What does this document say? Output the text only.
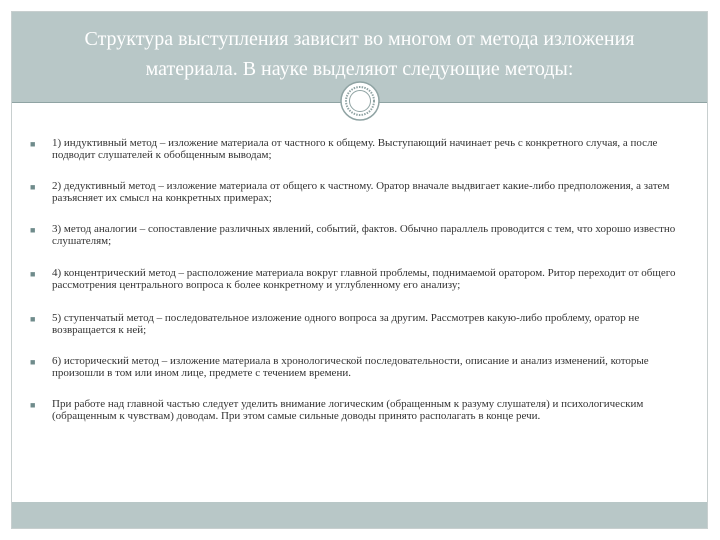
Структура выступления зависит во многом от метода изложения
материала. В науке выделяют следующие методы:
■ 1) индуктивный метод – изложение материала от частного к общему. Выступающий начинает речь с конкретного случая, а после подводит слушателей к обобщенным выводам;
■ 2) дедуктивный метод – изложение материала от общего к частному. Оратор вначале выдвигает какие-либо предположения, а затем разъясняет их смысл на конкретных примерах;
■ 3) метод аналогии – сопоставление различных явлений, событий, фактов. Обычно параллель проводится с тем, что хорошо известно слушателям;
■ 4) концентрический метод – расположение материала вокруг главной проблемы, поднимаемой оратором. Ритор переходит от общего рассмотрения центрального вопроса к более конкретному и углубленному его анализу;
■ 5) ступенчатый метод – последовательное изложение одного вопроса за другим. Рассмотрев какую-либо проблему, оратор не возвращается к ней;
■ 6) исторический метод – изложение материала в хронологической последовательности, описание и анализ изменений, которые произошли в том или ином лице, предмете с течением времени.
■ При работе над главной частью следует уделить внимание логическим (обращенным к разуму слушателя) и психологическим (обращенным к чувствам) доводам. При этом самые сильные доводы принято располагать в конце речи.
